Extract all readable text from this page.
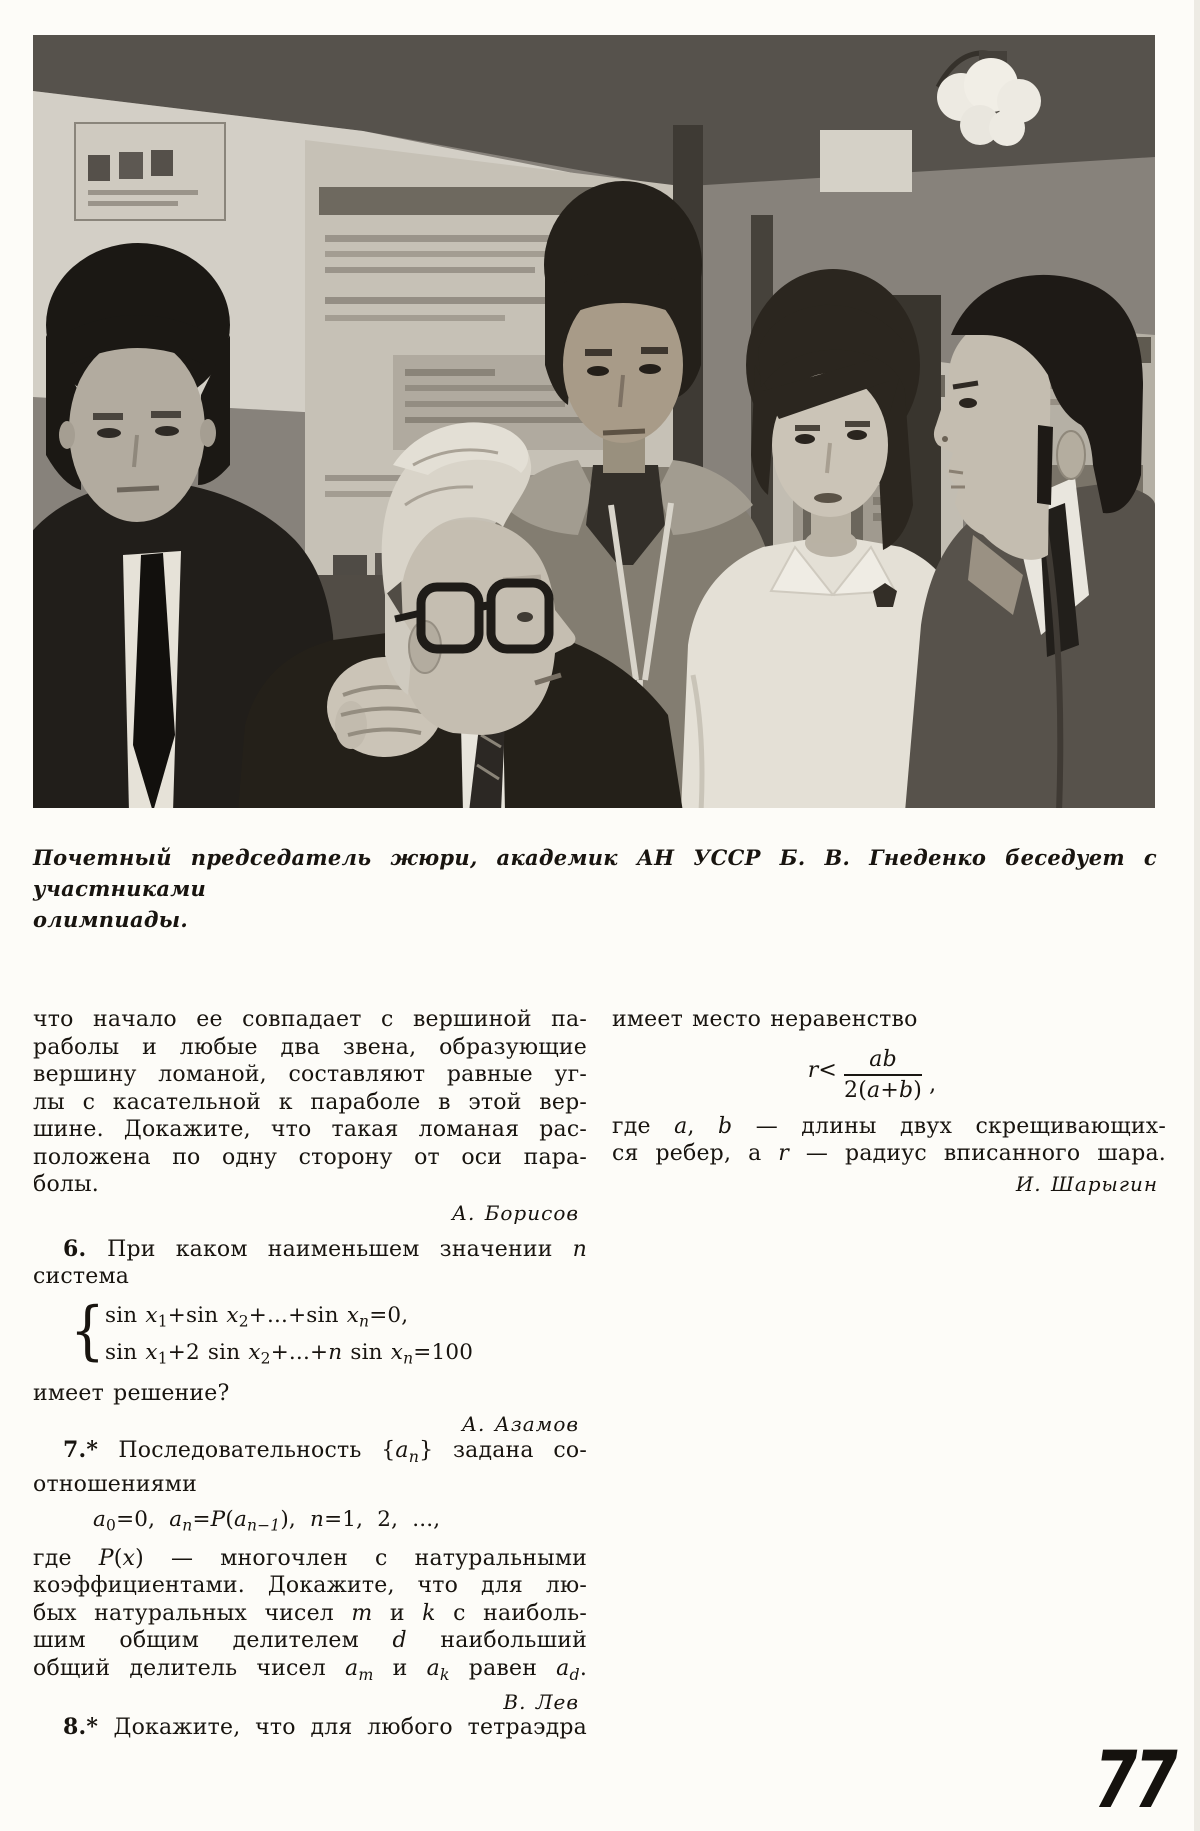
Почетный председатель жюри, академик АН УССР Б. В. Гнеденко беседует с участниками
олимпиады.
что начало ее совпадает с вершиной па-
раболы и любые два звена, образующие
вершину ломаной, составляют равные уг-
лы с касательной к параболе в этой вер-
шине. Докажите, что такая ломаная рас-
положена по одну сторону от оси пара-
болы.
А. Борисов
6. При каком наименьшем значении n
система
{ $\sin x_1+\sin$ $x_2+...+\sin$ $x_n=0$,
$\sin x_1+2$ $\sin x_2+...+n$ $\sin x_n=100$
имеет решение?
А. Азамов
7.* Последовательность $\{a_n\}$ задана со-
отношениями
$a_0=0$, $a_n=P(a_{n-1})$, n=1, 2, ...,
где P(x) — многочлен с натуральными
коэффициентами. Докажите, что для лю-
бых натуральных чисел m и k с наиболь-
шим общим делителем d наибольший
общий делитель чисел $a_m$ и $a_k$ равен $a_d$.
В. Лев
8.* Докажите, что для любого тетраэдра
имеет место неравенство
$r< \frac{ab}{2(a+b)}$ ,
где a, b — длины двух скрещивающих-
ся ребер, а r — радиус вписанного шара.
И. Шарыгин
77
